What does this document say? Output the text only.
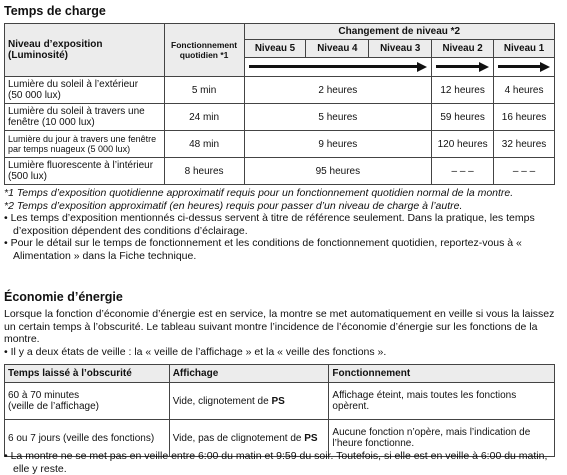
Temps de charge
Niveau d’exposition
(Luminosité)	Fonctionnement quotidien *1	Changement de niveau *2				
		Niveau 5	Niveau 4	Niveau 3	Niveau 2	Niveau 1

Lumière du soleil à l’extérieur
(50 000 lux)	5 min	2 heures			12 heures	4 heures

Lumière du soleil à travers une
fenêtre (10 000 lux)	24 min	5 heures			59 heures	16 heures

Lumière du jour à travers une fenêtre
par temps nuageux (5 000 lux)	48 min	9 heures			120 heures	32 heures

Lumière fluorescente à l’intérieur
(500 lux)	8 heures	95 heures			– – –	– – –

*1 Temps d’exposition quotidienne approximatif requis pour un fonctionnement quotidien normal de la montre.

*2 Temps d’exposition approximatif (en heures) requis pour passer d’un niveau de charge à l’autre.

• Les temps d’exposition mentionnés ci-dessus servent à titre de référence seulement. Dans la pratique, les temps d’exposition dépendent des conditions d’éclairage.

• Pour le détail sur le temps de fonctionnement et les conditions de fonctionnement quotidien, reportez-vous à « Alimentation » dans la Fiche technique.

Économie d’énergie

Lorsque la fonction d’économie d’énergie est en service, la montre se met automatiquement en veille si vous la laissez un certain temps à l’obscurité. Le tableau suivant montre l’incidence de l’économie d’énergie sur les fonctions de la montre.

• Il y a deux états de veille : la « veille de l’affichage » et la « veille des fonctions ».

Temps laissé à l’obscurité	Affichage	Fonctionnement

60 à 70 minutes
(veille de l’affichage)	Vide, clignotement de PS	Affichage éteint, mais toutes les fonctions opèrent.

6 ou 7 jours (veille des fonctions)	Vide, pas de clignotement de PS	Aucune fonction n’opère, mais l’indication de l’heure fonctionne.

• La montre ne se met pas en veille entre 6:00 du matin et 9:59 du soir. Toutefois, si elle est en veille à 6:00 du matin, elle y reste.
